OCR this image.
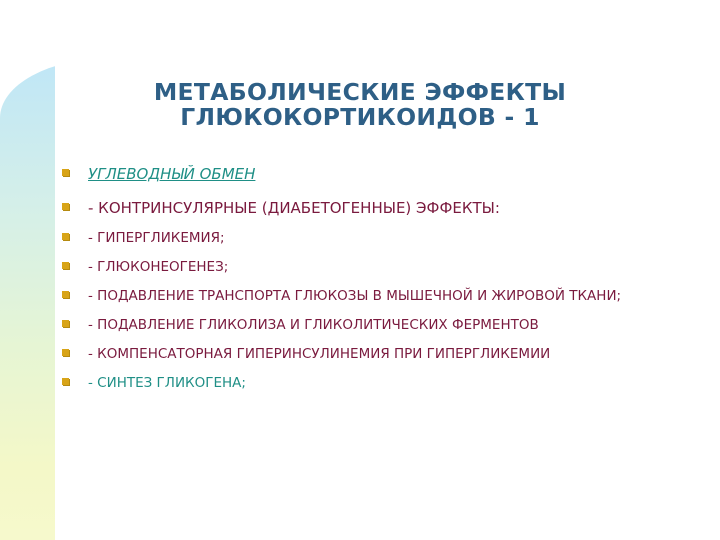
МЕТАБОЛИЧЕСКИЕ ЭФФЕКТЫ
ГЛЮКОКОРТИКОИДОВ - 1
УГЛЕВОДНЫЙ ОБМЕН
- КОНТРИНСУЛЯРНЫЕ (ДИАБЕТОГЕННЫЕ) ЭФФЕКТЫ:
- ГИПЕРГЛИКЕМИЯ;
- ГЛЮКОНЕОГЕНЕЗ;
- ПОДАВЛЕНИЕ ТРАНСПОРТА ГЛЮКОЗЫ В МЫШЕЧНОЙ И ЖИРОВОЙ ТКАНИ;
- ПОДАВЛЕНИЕ ГЛИКОЛИЗА И ГЛИКОЛИТИЧЕСКИХ ФЕРМЕНТОВ
- КОМПЕНСАТОРНАЯ ГИПЕРИНСУЛИНЕМИЯ ПРИ ГИПЕРГЛИКЕМИИ
- СИНТЕЗ ГЛИКОГЕНА;
